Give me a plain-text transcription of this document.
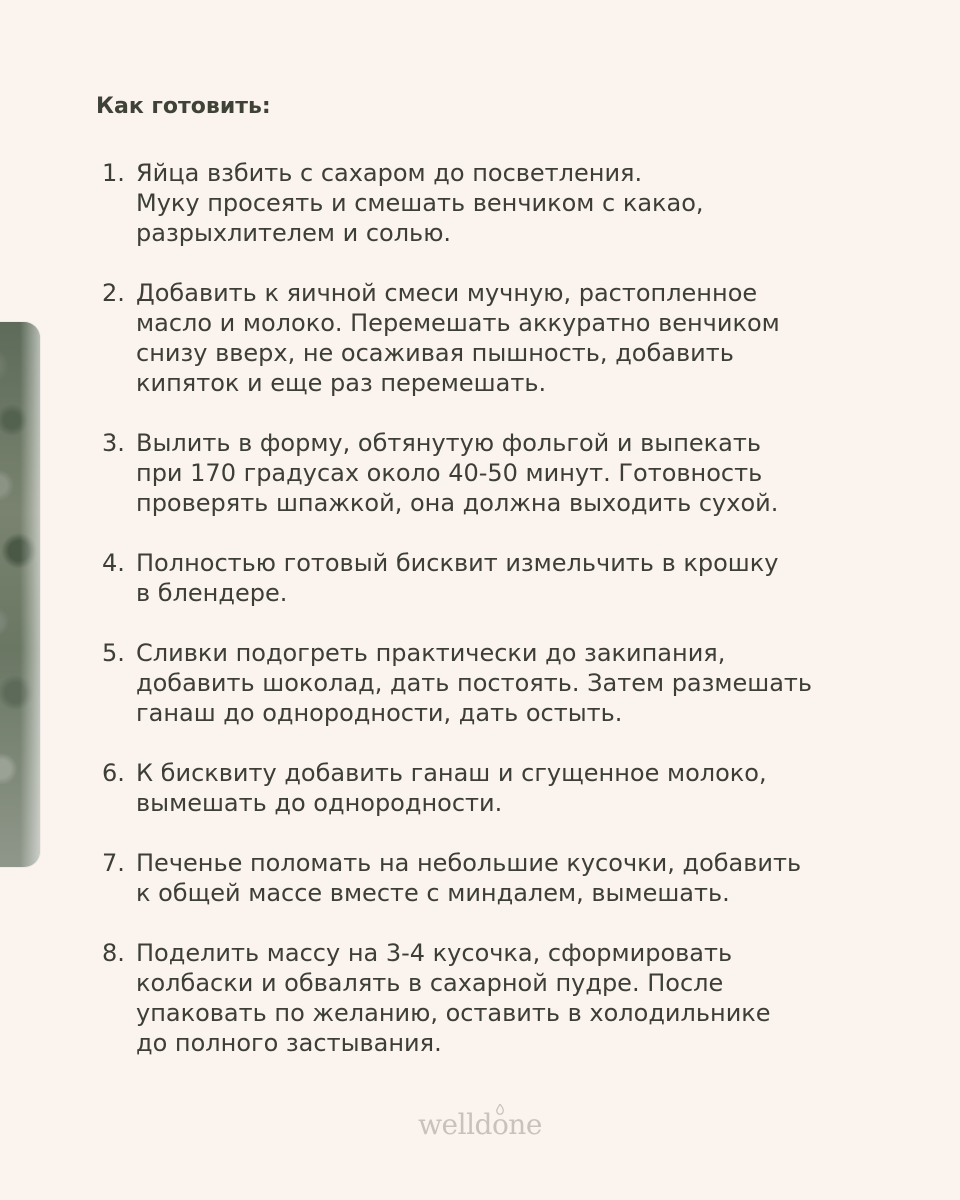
Как готовить:
1. Яйца взбить с сахаром до посветления.
Муку просеять и смешать венчиком с какао,
разрыхлителем и солью.
2. Добавить к яичной смеси мучную, растопленное
масло и молоко. Перемешать аккуратно венчиком
снизу вверх, не осаживая пышность, добавить
кипяток и еще раз перемешать.
3. Вылить в форму, обтянутую фольгой и выпекать
при 170 градусах около 40-50 минут. Готовность
проверять шпажкой, она должна выходить сухой.
4. Полностью готовый бисквит измельчить в крошку
в блендере.
5. Сливки подогреть практически до закипания,
добавить шоколад, дать постоять. Затем размешать
ганаш до однородности, дать остыть.
6. К бисквиту добавить ганаш и сгущенное молоко,
вымешать до однородности.
7. Печенье поломать на небольшие кусочки, добавить
к общей массе вместе с миндалем, вымешать.
8. Поделить массу на 3-4 кусочка, сформировать
колбаски и обвалять в сахарной пудре. После
упаковать по желанию, оставить в холодильнике
до полного застывания.
welldone
